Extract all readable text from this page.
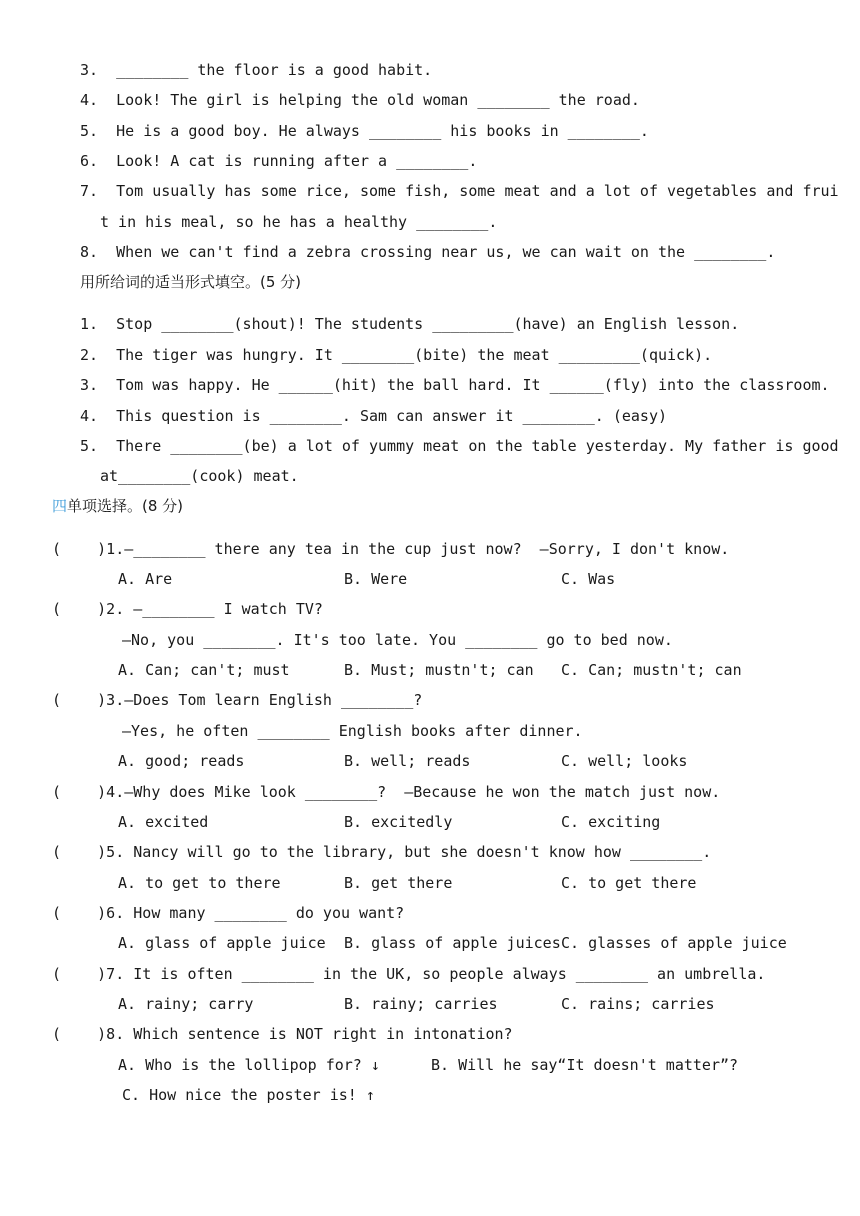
3.  ________ the floor is a good habit.
4.  Look! The girl is helping the old woman ________ the road.
5.  He is a good boy. He always ________ his books in ________.
6.  Look! A cat is running after a ________.
7.  Tom usually has some rice, some fish, some meat and a lot of vegetables and frui
t in his meal, so he has a healthy ________.
8.  When we can't find a zebra crossing near us, we can wait on the ________.
用所给词的适当形式填空。(5 分)
1.  Stop ________(shout)! The students _________(have) an English lesson.
2.  The tiger was hungry. It ________(bite) the meat _________(quick).
3.  Tom was happy. He ______(hit) the ball hard. It ______(fly) into the classroom.
4.  This question is ________. Sam can answer it ________. (easy)
5.  There ________(be) a lot of yummy meat on the table yesterday. My father is good
at________(cook) meat.
四单项选择。(8 分)
(    )1.—________ there any tea in the cup just now?  —Sorry, I don't know.
A. Are	B. Were	C. Was
(    )2. —________ I watch TV?
—No, you ________. It's too late. You ________ go to bed now.
A. Can; can't; must	B. Must; mustn't; can C. Can; mustn't; can
(    )3.—Does Tom learn English ________?
—Yes, he often ________ English books after dinner.
A. good; reads	B. well; reads	C. well; looks
(    )4.—Why does Mike look ________?  —Because he won the match just now.
A. excited	B. excitedly	C. exciting
(    )5. Nancy will go to the library, but she doesn't know how ________.
A. to get to there	B. get there	C. to get there
(    )6. How many ________ do you want?
A. glass of apple juice B. glass of apple juices C. glasses of apple juice
(    )7. It is often ________ in the UK, so people always ________ an umbrella.
A. rainy; carry	B. rainy; carries	C. rains; carries
(    )8. Which sentence is NOT right in intonation?
A. Who is the lollipop for? ↓	B. Will he say“It doesn't matter”?
C. How nice the poster is! ↑
